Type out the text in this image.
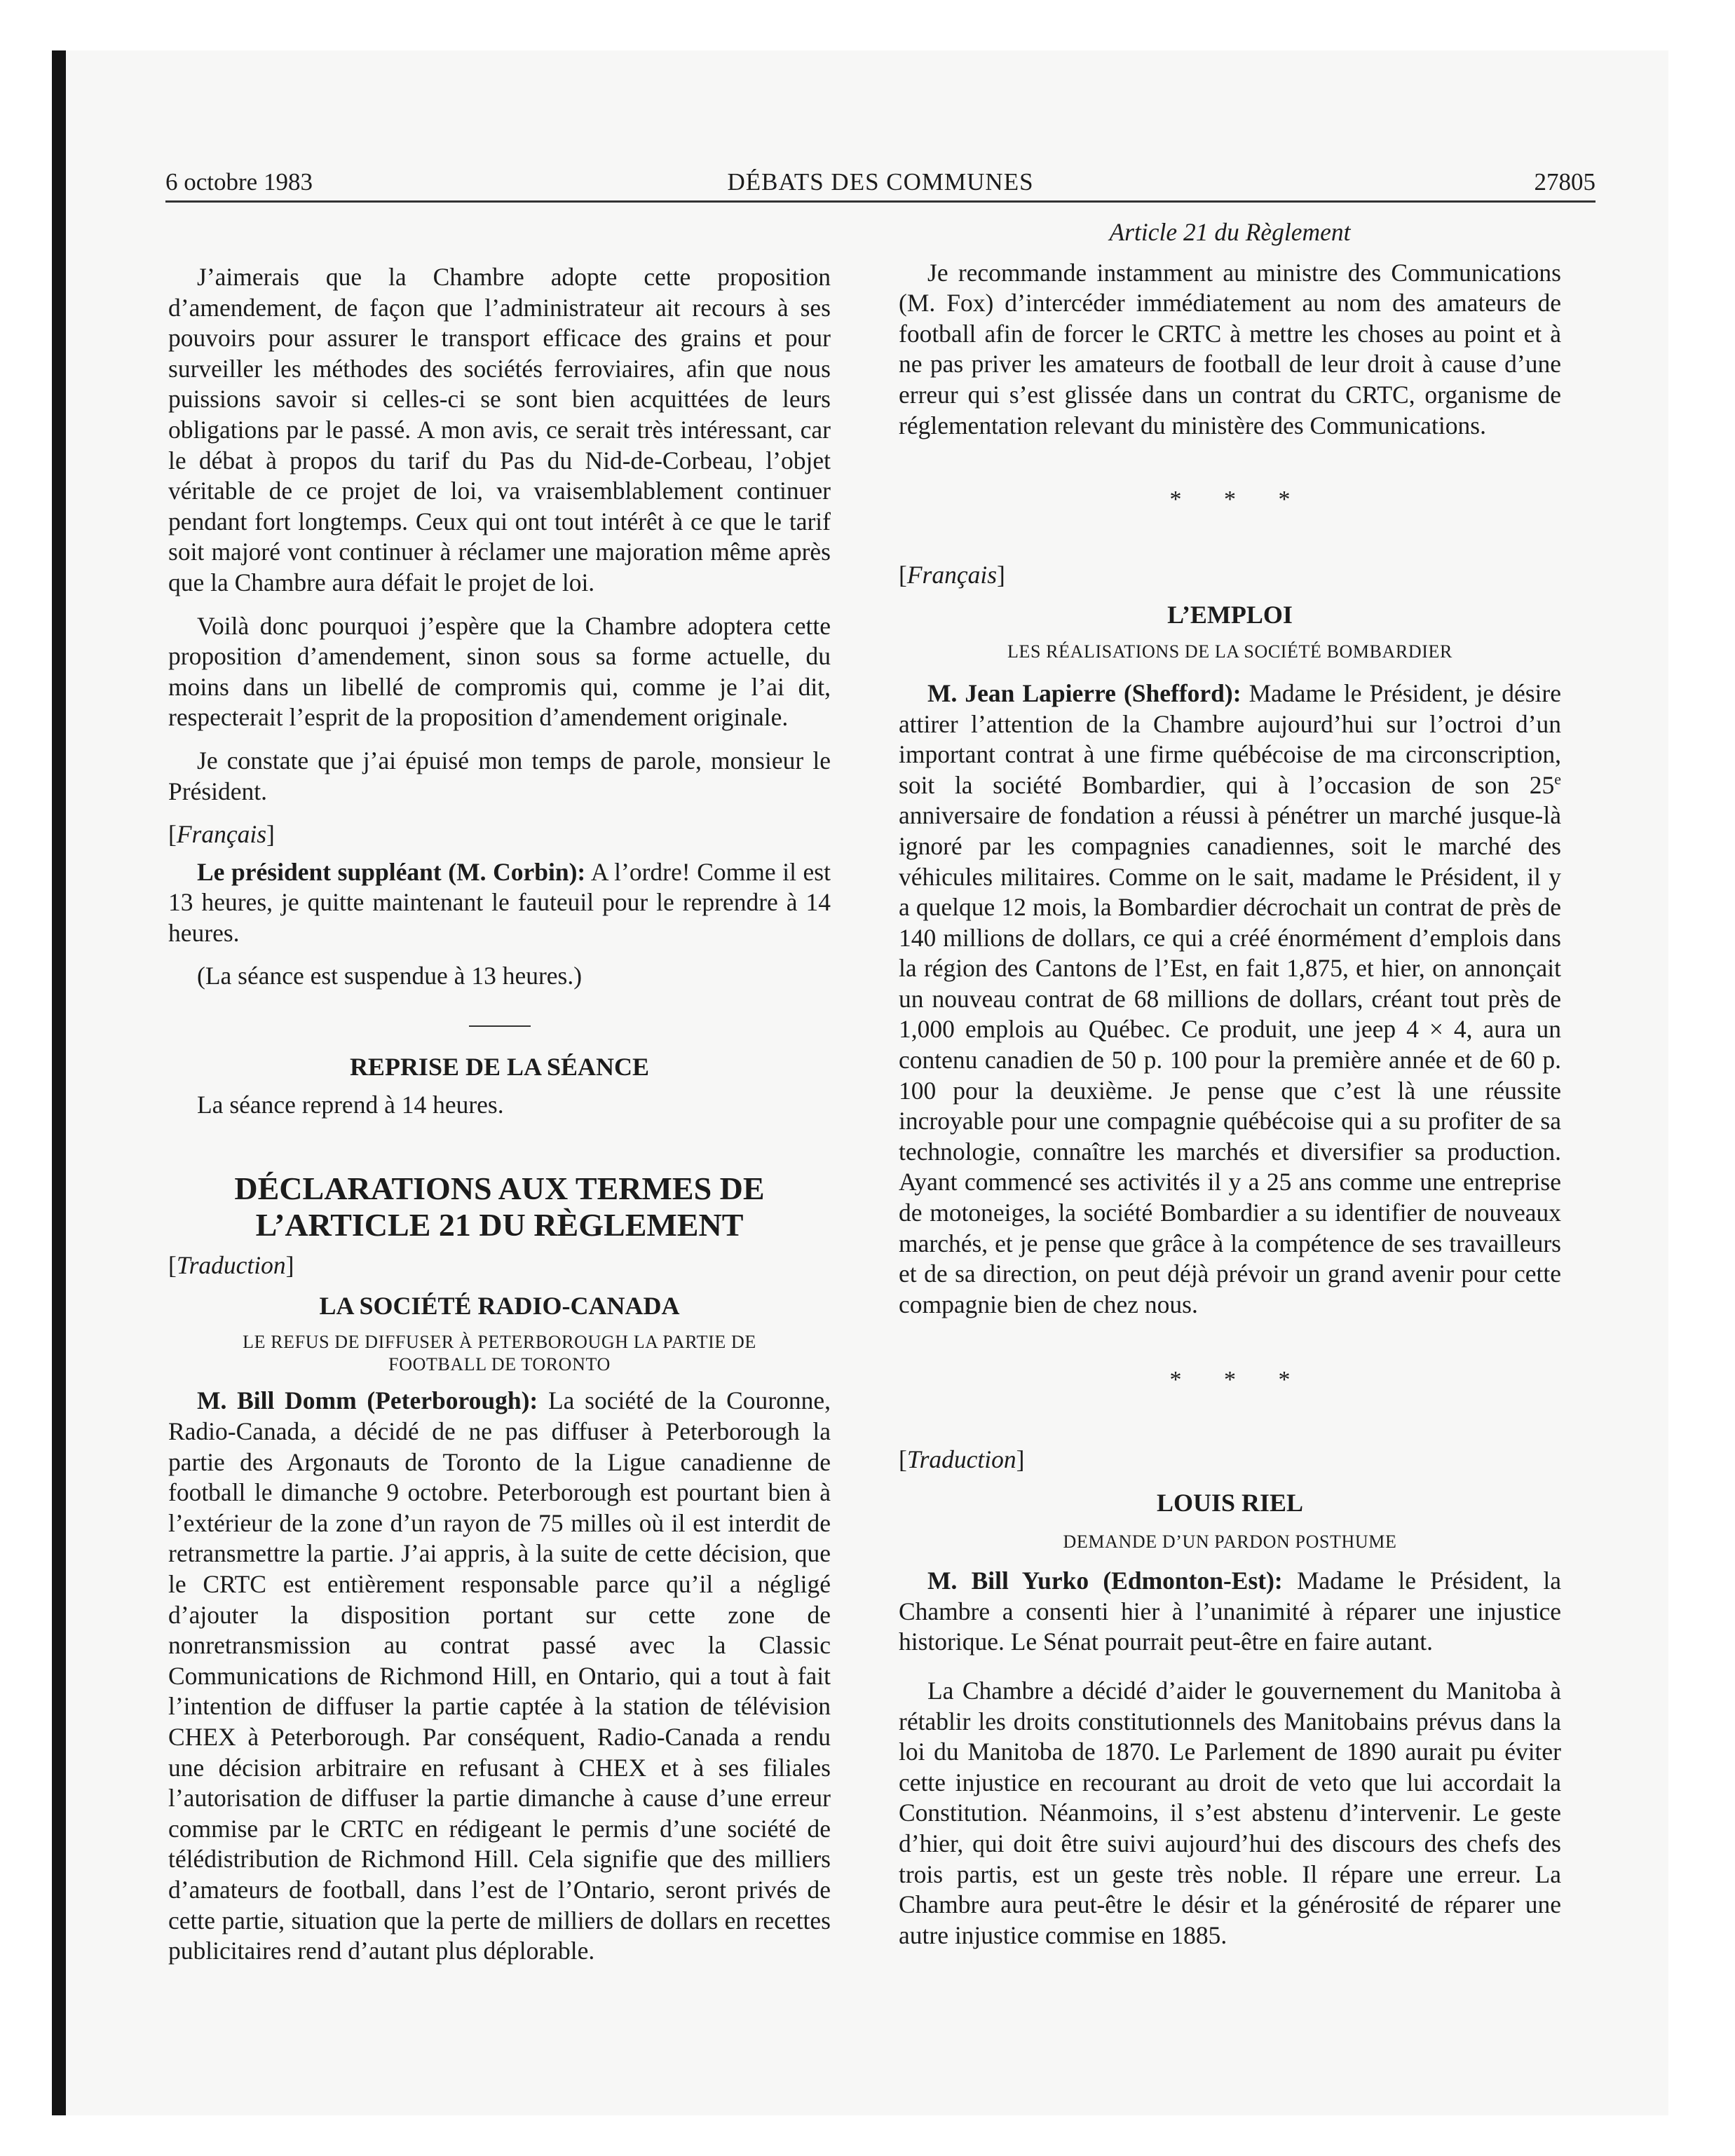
6 octobre 1983	DÉBATS DES COMMUNES	27805

J’aimerais que la Chambre adopte cette proposition d’amendement, de façon que l’administrateur ait recours à ses pouvoirs pour assurer le transport efficace des grains et pour surveiller les méthodes des sociétés ferroviaires, afin que nous puissions savoir si celles-ci se sont bien acquittées de leurs obligations par le passé. A mon avis, ce serait très intéressant, car le débat à propos du tarif du Pas du Nid-de-Corbeau, l’objet véritable de ce projet de loi, va vraisemblablement continuer pendant fort longtemps. Ceux qui ont tout intérêt à ce que le tarif soit majoré vont continuer à réclamer une majoration même après que la Chambre aura défait le projet de loi.

Voilà donc pourquoi j’espère que la Chambre adoptera cette proposition d’amendement, sinon sous sa forme actuelle, du moins dans un libellé de compromis qui, comme je l’ai dit, respecterait l’esprit de la proposition d’amendement originale.

Je constate que j’ai épuisé mon temps de parole, monsieur le Président.

[Français]

Le président suppléant (M. Corbin): A l’ordre! Comme il est 13 heures, je quitte maintenant le fauteuil pour le reprendre à 14 heures.

(La séance est suspendue à 13 heures.)

REPRISE DE LA SÉANCE

La séance reprend à 14 heures.

DÉCLARATIONS AUX TERMES DE

L’ARTICLE 21 DU RÈGLEMENT

[Traduction]

LA SOCIÉTÉ RADIO-CANADA

LE REFUS DE DIFFUSER À PETERBOROUGH LA PARTIE DE

FOOTBALL DE TORONTO

M. Bill Domm (Peterborough): La société de la Couronne, Radio-Canada, a décidé de ne pas diffuser à Peterborough la partie des Argonauts de Toronto de la Ligue canadienne de football le dimanche 9 octobre. Peterborough est pourtant bien à l’extérieur de la zone d’un rayon de 75 milles où il est interdit de retransmettre la partie. J’ai appris, à la suite de cette décision, que le CRTC est entièrement responsable parce qu’il a négligé d’ajouter la disposition portant sur cette zone de nonretransmission au contrat passé avec la Classic Communications de Richmond Hill, en Ontario, qui a tout à fait l’intention de diffuser la partie captée à la station de télévision CHEX à Peterborough. Par conséquent, Radio-Canada a rendu une décision arbitraire en refusant à CHEX et à ses filiales l’autorisation de diffuser la partie dimanche à cause d’une erreur commise par le CRTC en rédigeant le permis d’une société de télédistribution de Richmond Hill. Cela signifie que des milliers d’amateurs de football, dans l’est de l’Ontario, seront privés de cette partie, situation que la perte de milliers de dollars en recettes publicitaires rend d’autant plus déplorable.

Article 21 du Règlement

Je recommande instamment au ministre des Communications (M. Fox) d’intercéder immédiatement au nom des amateurs de football afin de forcer le CRTC à mettre les choses au point et à ne pas priver les amateurs de football de leur droit à cause d’une erreur qui s’est glissée dans un contrat du CRTC, organisme de réglementation relevant du ministère des Communications.

* * *

[Français]

L’EMPLOI

LES RÉALISATIONS DE LA SOCIÉTÉ BOMBARDIER

M. Jean Lapierre (Shefford): Madame le Président, je désire attirer l’attention de la Chambre aujourd’hui sur l’octroi d’un important contrat à une firme québécoise de ma circonscription, soit la société Bombardier, qui à l’occasion de son 25e anniversaire de fondation a réussi à pénétrer un marché jusque-là ignoré par les compagnies canadiennes, soit le marché des véhicules militaires. Comme on le sait, madame le Président, il y a quelque 12 mois, la Bombardier décrochait un contrat de près de 140 millions de dollars, ce qui a créé énormément d’emplois dans la région des Cantons de l’Est, en fait 1,875, et hier, on annonçait un nouveau contrat de 68 millions de dollars, créant tout près de 1,000 emplois au Québec. Ce produit, une jeep 4 × 4, aura un contenu canadien de 50 p. 100 pour la première année et de 60 p. 100 pour la deuxième. Je pense que c’est là une réussite incroyable pour une compagnie québécoise qui a su profiter de sa technologie, connaître les marchés et diversifier sa production. Ayant commencé ses activités il y a 25 ans comme une entreprise de motoneiges, la société Bombardier a su identifier de nouveaux marchés, et je pense que grâce à la compétence de ses travailleurs et de sa direction, on peut déjà prévoir un grand avenir pour cette compagnie bien de chez nous.

* * *

[Traduction]

LOUIS RIEL

DEMANDE D’UN PARDON POSTHUME

M. Bill Yurko (Edmonton-Est): Madame le Président, la Chambre a consenti hier à l’unanimité à réparer une injustice historique. Le Sénat pourrait peut-être en faire autant.

La Chambre a décidé d’aider le gouvernement du Manitoba à rétablir les droits constitutionnels des Manitobains prévus dans la loi du Manitoba de 1870. Le Parlement de 1890 aurait pu éviter cette injustice en recourant au droit de veto que lui accordait la Constitution. Néanmoins, il s’est abstenu d’intervenir. Le geste d’hier, qui doit être suivi aujourd’hui des discours des chefs des trois partis, est un geste très noble. Il répare une erreur. La Chambre aura peut-être le désir et la générosité de réparer une autre injustice commise en 1885.
